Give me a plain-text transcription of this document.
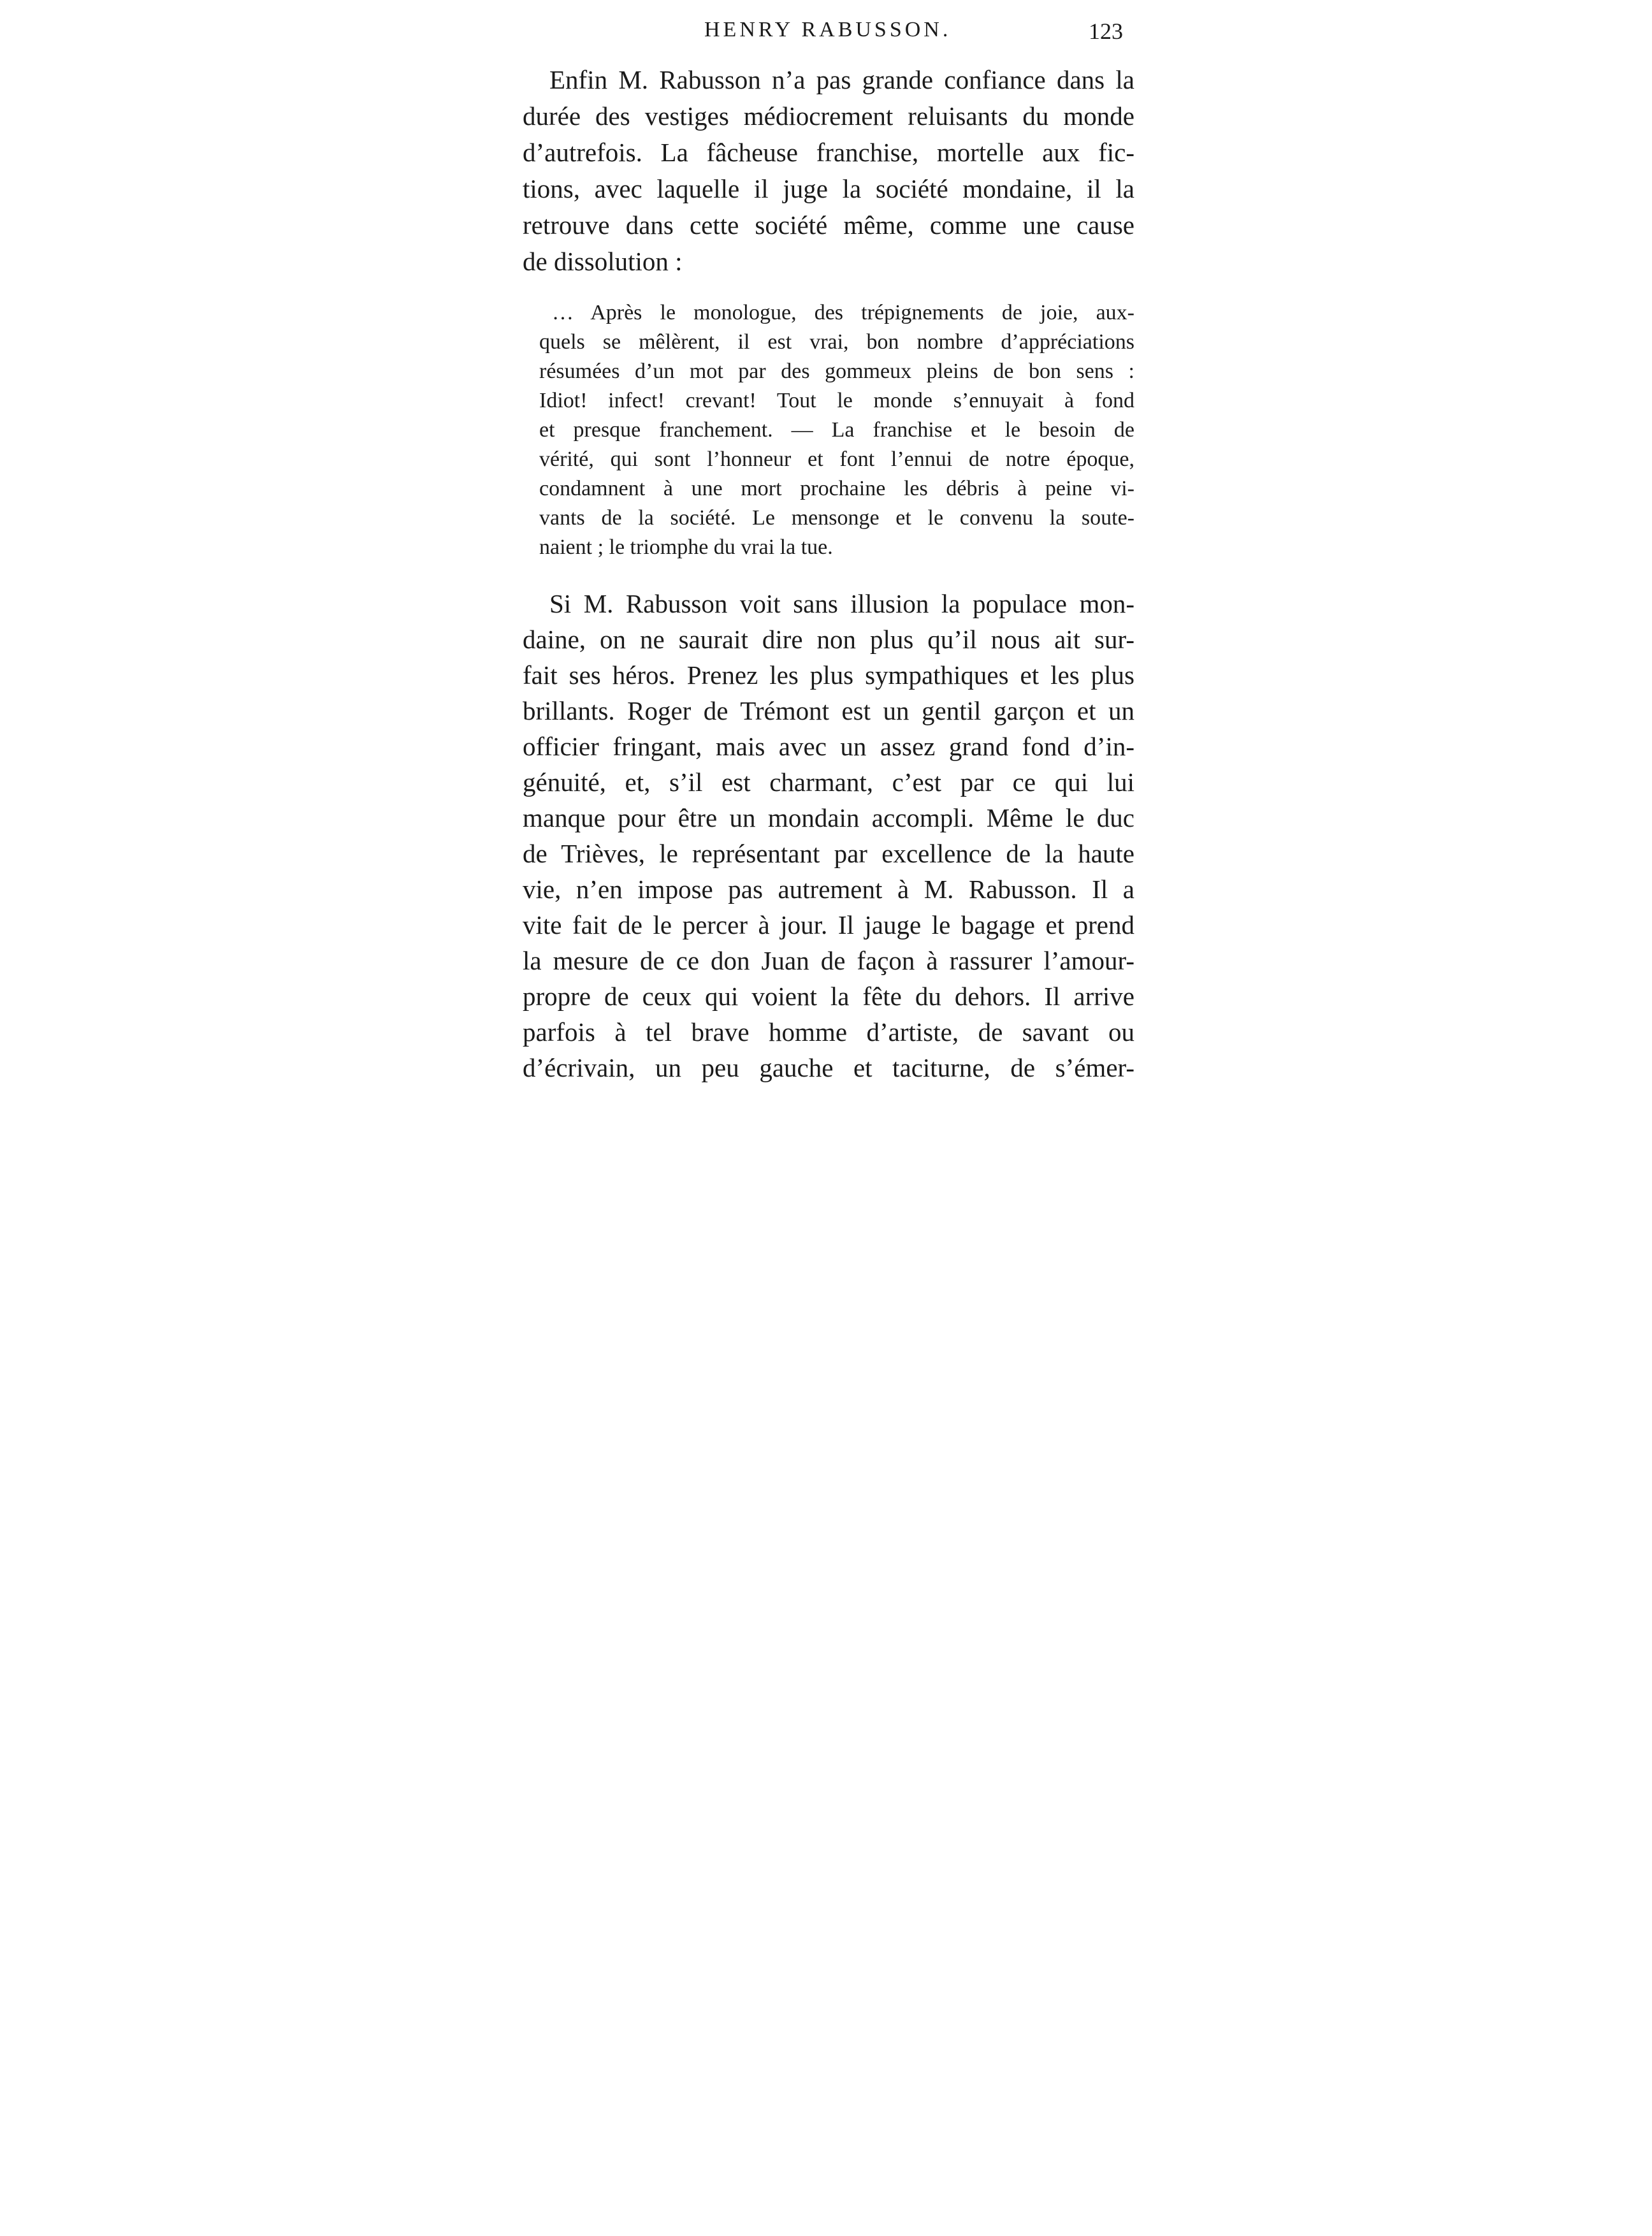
HENRY RABUSSON.	123
Enfin M. Rabusson n’a pas grande confiance dans la
durée des vestiges médiocrement reluisants du monde
d’autrefois. La fâcheuse franchise, mortelle aux fic-
tions, avec laquelle il juge la société mondaine, il la
retrouve dans cette société même, comme une cause
de dissolution :
… Après le monologue, des trépignements de joie, aux-
quels se mêlèrent, il est vrai, bon nombre d’appréciations
résumées d’un mot par des gommeux pleins de bon sens :
Idiot! infect! crevant! Tout le monde s’ennuyait à fond
et presque franchement. — La franchise et le besoin de
vérité, qui sont l’honneur et font l’ennui de notre époque,
condamnent à une mort prochaine les débris à peine vi-
vants de la société. Le mensonge et le convenu la soute-
naient ; le triomphe du vrai la tue.
Si M. Rabusson voit sans illusion la populace mon-
daine, on ne saurait dire non plus qu’il nous ait sur-
fait ses héros. Prenez les plus sympathiques et les plus
brillants. Roger de Trémont est un gentil garçon et un
officier fringant, mais avec un assez grand fond d’in-
génuité, et, s’il est charmant, c’est par ce qui lui
manque pour être un mondain accompli. Même le duc
de Trièves, le représentant par excellence de la haute
vie, n’en impose pas autrement à M. Rabusson. Il a
vite fait de le percer à jour. Il jauge le bagage et prend
la mesure de ce don Juan de façon à rassurer l’amour-
propre de ceux qui voient la fête du dehors. Il arrive
parfois à tel brave homme d’artiste, de savant ou
d’écrivain, un peu gauche et taciturne, de s’émer-
